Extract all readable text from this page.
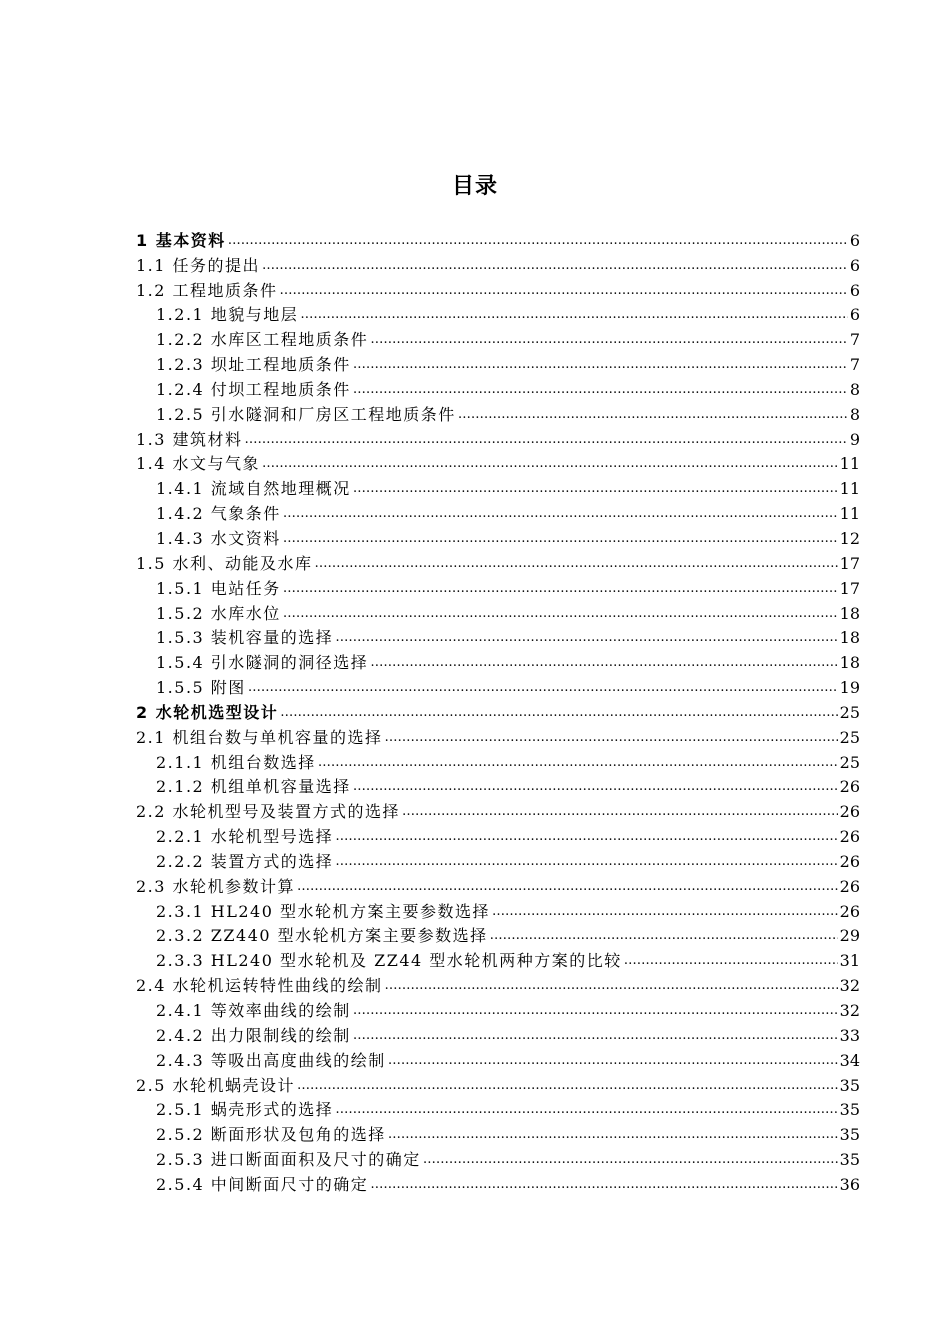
目录
1 基本资料 …………………………………………………………………………………………………………………………………………………………………………………………………………	6
1.1 任务的提出 …………………………………………………………………………………………………………………………………………………………………………………………………………	6
1.2 工程地质条件 …………………………………………………………………………………………………………………………………………………………………………………………………………	6
1.2.1 地貌与地层 …………………………………………………………………………………………………………………………………………………………………………………………………………	6
1.2.2 水库区工程地质条件 …………………………………………………………………………………………………………………………………………………………………………………………………………	7
1.2.3 坝址工程地质条件 …………………………………………………………………………………………………………………………………………………………………………………………………………	7
1.2.4 付坝工程地质条件 …………………………………………………………………………………………………………………………………………………………………………………………………………	8
1.2.5 引水隧洞和厂房区工程地质条件 …………………………………………………………………………………………………………………………………………………………………………………………………………	8
1.3 建筑材料 …………………………………………………………………………………………………………………………………………………………………………………………………………	9
1.4 水文与气象 …………………………………………………………………………………………………………………………………………………………………………………………………………	11
1.4.1 流域自然地理概况 …………………………………………………………………………………………………………………………………………………………………………………………………………	11
1.4.2 气象条件 …………………………………………………………………………………………………………………………………………………………………………………………………………	11
1.4.3 水文资料 …………………………………………………………………………………………………………………………………………………………………………………………………………	12
1.5 水利、动能及水库 …………………………………………………………………………………………………………………………………………………………………………………………………………	17
1.5.1 电站任务 …………………………………………………………………………………………………………………………………………………………………………………………………………	17
1.5.2 水库水位 …………………………………………………………………………………………………………………………………………………………………………………………………………	18
1.5.3 装机容量的选择 …………………………………………………………………………………………………………………………………………………………………………………………………………	18
1.5.4 引水隧洞的洞径选择 …………………………………………………………………………………………………………………………………………………………………………………………………………	18
1.5.5 附图 …………………………………………………………………………………………………………………………………………………………………………………………………………	19
2 水轮机选型设计 …………………………………………………………………………………………………………………………………………………………………………………………………………	25
2.1 机组台数与单机容量的选择 …………………………………………………………………………………………………………………………………………………………………………………………………………	25
2.1.1 机组台数选择 …………………………………………………………………………………………………………………………………………………………………………………………………………	25
2.1.2 机组单机容量选择 …………………………………………………………………………………………………………………………………………………………………………………………………………	26
2.2 水轮机型号及装置方式的选择 …………………………………………………………………………………………………………………………………………………………………………………………………………	26
2.2.1 水轮机型号选择 …………………………………………………………………………………………………………………………………………………………………………………………………………	26
2.2.2 装置方式的选择 …………………………………………………………………………………………………………………………………………………………………………………………………………	26
2.3 水轮机参数计算 …………………………………………………………………………………………………………………………………………………………………………………………………………	26
2.3.1 HL240 型水轮机方案主要参数选择 …………………………………………………………………………………………………………………………………………………………………………………………………………	26
2.3.2 ZZ440 型水轮机方案主要参数选择 …………………………………………………………………………………………………………………………………………………………………………………………………………	29
2.3.3 HL240 型水轮机及 ZZ44 型水轮机两种方案的比较 …………………………………………………………………………………………………………………………………………………………………………………………………………	31
2.4 水轮机运转特性曲线的绘制 …………………………………………………………………………………………………………………………………………………………………………………………………………	32
2.4.1 等效率曲线的绘制 …………………………………………………………………………………………………………………………………………………………………………………………………………	32
2.4.2 出力限制线的绘制 …………………………………………………………………………………………………………………………………………………………………………………………………………	33
2.4.3 等吸出高度曲线的绘制 …………………………………………………………………………………………………………………………………………………………………………………………………………	34
2.5 水轮机蜗壳设计 …………………………………………………………………………………………………………………………………………………………………………………………………………	35
2.5.1 蜗壳形式的选择 …………………………………………………………………………………………………………………………………………………………………………………………………………	35
2.5.2 断面形状及包角的选择 …………………………………………………………………………………………………………………………………………………………………………………………………………	35
2.5.3 进口断面面积及尺寸的确定 …………………………………………………………………………………………………………………………………………………………………………………………………………	35
2.5.4 中间断面尺寸的确定 …………………………………………………………………………………………………………………………………………………………………………………………………………	36
